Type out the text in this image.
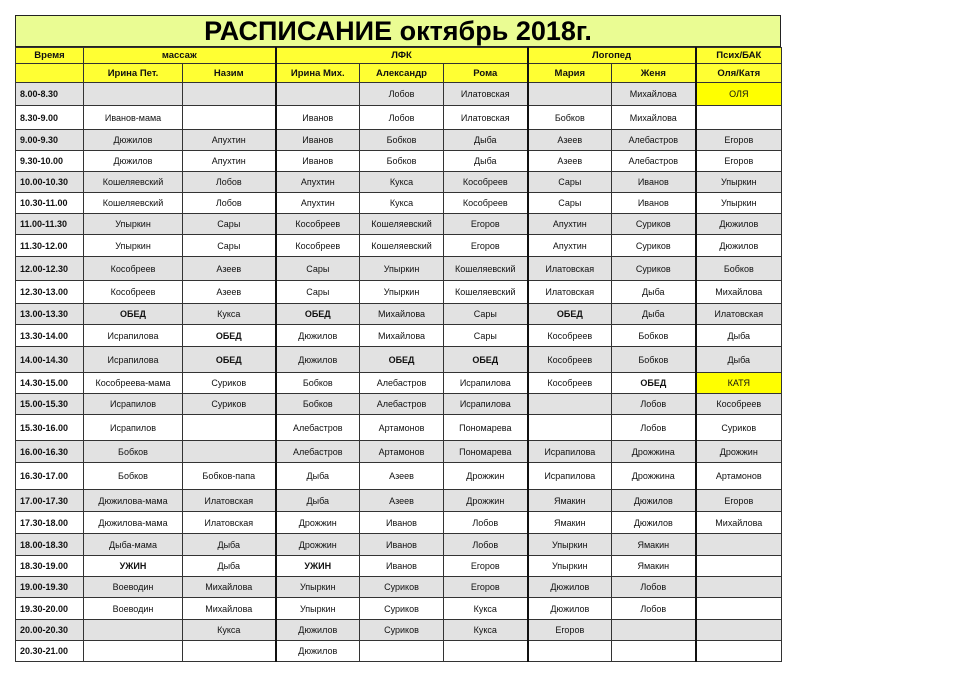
РАСПИСАНИЕ октябрь 2018г.
Время	массаж		ЛФК			Логопед		Псих/БАК
	Ирина Пет.	Назим	Ирина Мих.	Александр	Рома	Мария	Женя	Оля/Катя
8.00-8.30				Лобов	Илатовская		Михайлова	ОЛЯ
8.30-9.00	Иванов-мама		Иванов	Лобов	Илатовская	Бобков	Михайлова	
9.00-9.30	Дюжилов	Апухтин	Иванов	Бобков	Дыба	Азеев	Алебастров	Егоров
9.30-10.00	Дюжилов	Апухтин	Иванов	Бобков	Дыба	Азеев	Алебастров	Егоров
10.00-10.30	Кошеляевский	Лобов	Апухтин	Кукса	Кособреев	Сары	Иванов	Упыркин
10.30-11.00	Кошеляевский	Лобов	Апухтин	Кукса	Кособреев	Сары	Иванов	Упыркин
11.00-11.30	Упыркин	Сары	Кособреев	Кошеляевский	Егоров	Апухтин	Суриков	Дюжилов
11.30-12.00	Упыркин	Сары	Кособреев	Кошеляевский	Егоров	Апухтин	Суриков	Дюжилов
12.00-12.30	Кособреев	Азеев	Сары	Упыркин	Кошеляевский	Илатовская	Суриков	Бобков
12.30-13.00	Кособреев	Азеев	Сары	Упыркин	Кошеляевский	Илатовская	Дыба	Михайлова
13.00-13.30	ОБЕД	Кукса	ОБЕД	Михайлова	Сары	ОБЕД	Дыба	Илатовская
13.30-14.00	Исрапилова	ОБЕД	Дюжилов	Михайлова	Сары	Кособреев	Бобков	Дыба
14.00-14.30	Исрапилова	ОБЕД	Дюжилов	ОБЕД	ОБЕД	Кособреев	Бобков	Дыба
14.30-15.00	Кособреева-мама	Суриков	Бобков	Алебастров	Исрапилова	Кособреев	ОБЕД	КАТЯ
15.00-15.30	Исрапилов	Суриков	Бобков	Алебастров	Исрапилова		Лобов	Кособреев
15.30-16.00	Исрапилов		Алебастров	Артамонов	Пономарева		Лобов	Суриков
16.00-16.30	Бобков		Алебастров	Артамонов	Пономарева	Исрапилова	Дрожжина	Дрожжин
16.30-17.00	Бобков	Бобков-папа	Дыба	Азеев	Дрожжин	Исрапилова	Дрожжина	Артамонов
17.00-17.30	Дюжилова-мама	Илатовская	Дыба	Азеев	Дрожжин	Ямакин	Дюжилов	Егоров
17.30-18.00	Дюжилова-мама	Илатовская	Дрожжин	Иванов	Лобов	Ямакин	Дюжилов	Михайлова
18.00-18.30	Дыба-мама	Дыба	Дрожжин	Иванов	Лобов	Упыркин	Ямакин	
18.30-19.00	УЖИН	Дыба	УЖИН	Иванов	Егоров	Упыркин	Ямакин	
19.00-19.30	Воеводин	Михайлова	Упыркин	Суриков	Егоров	Дюжилов	Лобов	
19.30-20.00	Воеводин	Михайлова	Упыркин	Суриков	Кукса	Дюжилов	Лобов	
20.00-20.30		Кукса	Дюжилов	Суриков	Кукса	Егоров		
20.30-21.00			Дюжилов					
